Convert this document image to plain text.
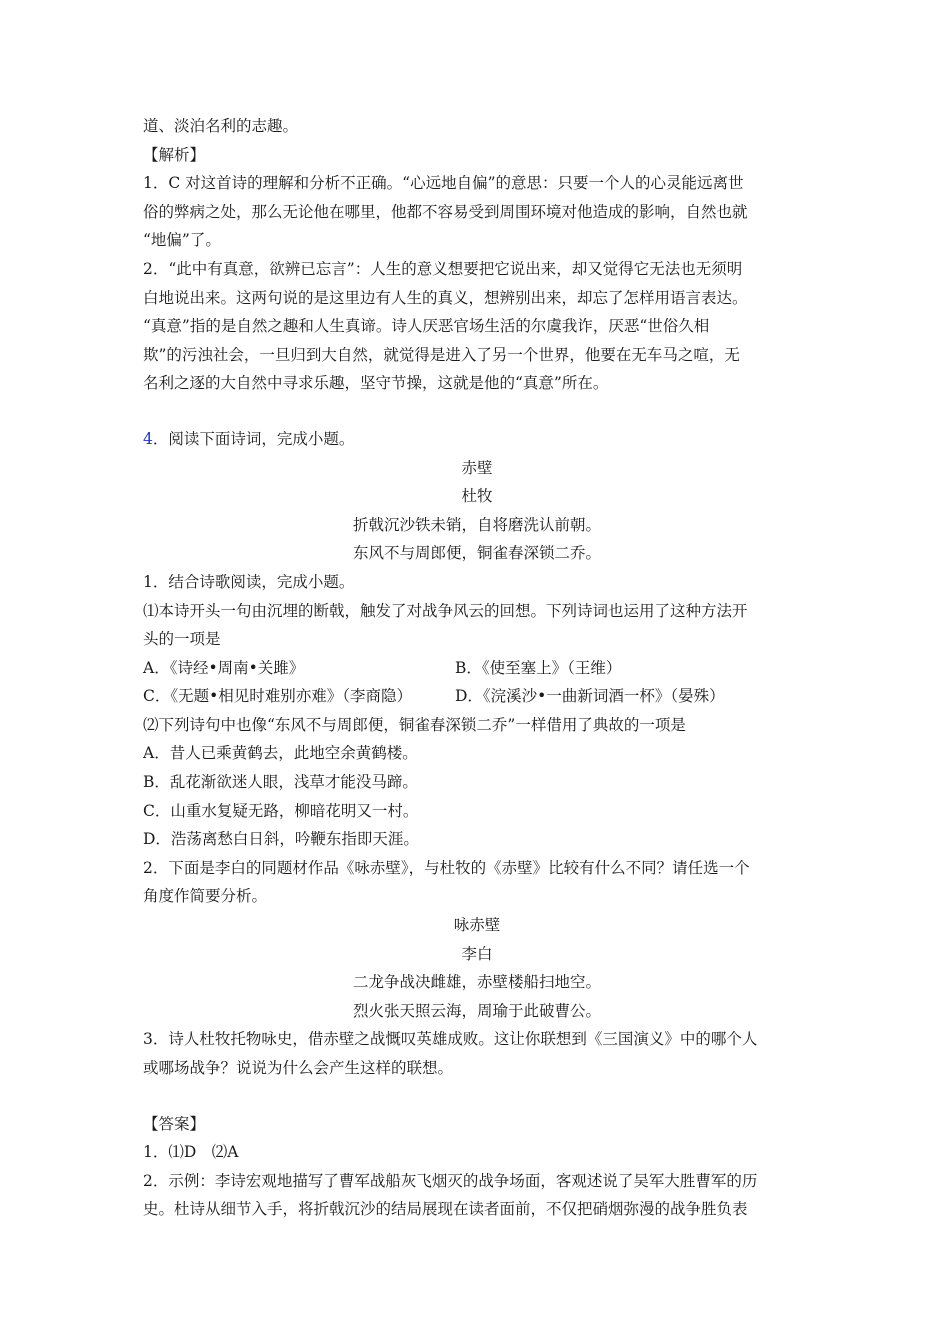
道、淡泊名利的志趣。
【解析】
1．C 对这首诗的理解和分析不正确。“心远地自偏”的意思：只要一个人的心灵能远离世
俗的弊病之处，那么无论他在哪里，他都不容易受到周围环境对他造成的影响，自然也就
“地偏”了。
2．“此中有真意，欲辨已忘言”：人生的意义想要把它说出来，却又觉得它无法也无须明
白地说出来。这两句说的是这里边有人生的真义，想辨别出来，却忘了怎样用语言表达。
“真意”指的是自然之趣和人生真谛。诗人厌恶官场生活的尔虞我诈，厌恶“世俗久相
欺”的污浊社会，一旦归到大自然，就觉得是进入了另一个世界，他要在无车马之喧，无
名利之逐的大自然中寻求乐趣，坚守节操，这就是他的“真意”所在。
4．阅读下面诗词，完成小题。
赤壁
杜牧
折戟沉沙铁未销，自将磨洗认前朝。
东风不与周郎便，铜雀春深锁二乔。
1．结合诗歌阅读，完成小题。
⑴本诗开头一句由沉埋的断戟，触发了对战争风云的回想。下列诗词也运用了这种方法开
头的一项是
A．《诗经•周南•关雎》	B．《使至塞上》（王维）
C．《无题•相见时难别亦难》（李商隐）	D．《浣溪沙•一曲新词酒一杯》（晏殊）
⑵下列诗句中也像“东风不与周郎便，铜雀春深锁二乔”一样借用了典故的一项是
A．昔人已乘黄鹤去，此地空余黄鹤楼。
B．乱花渐欲迷人眼，浅草才能没马蹄。
C．山重水复疑无路，柳暗花明又一村。
D．浩荡离愁白日斜，吟鞭东指即天涯。
2．下面是李白的同题材作品《咏赤壁》，与杜牧的《赤壁》比较有什么不同？请任选一个
角度作简要分析。
咏赤壁
李白
二龙争战决雌雄，赤壁楼船扫地空。
烈火张天照云海，周瑜于此破曹公。
3．诗人杜牧托物咏史，借赤壁之战慨叹英雄成败。这让你联想到《三国演义》中的哪个人
或哪场战争？说说为什么会产生这样的联想。
【答案】
1．⑴D　⑵A
2．示例：李诗宏观地描写了曹军战船灰飞烟灭的战争场面，客观述说了吴军大胜曹军的历
史。杜诗从细节入手，将折戟沉沙的结局展现在读者面前，不仅把硝烟弥漫的战争胜负表
